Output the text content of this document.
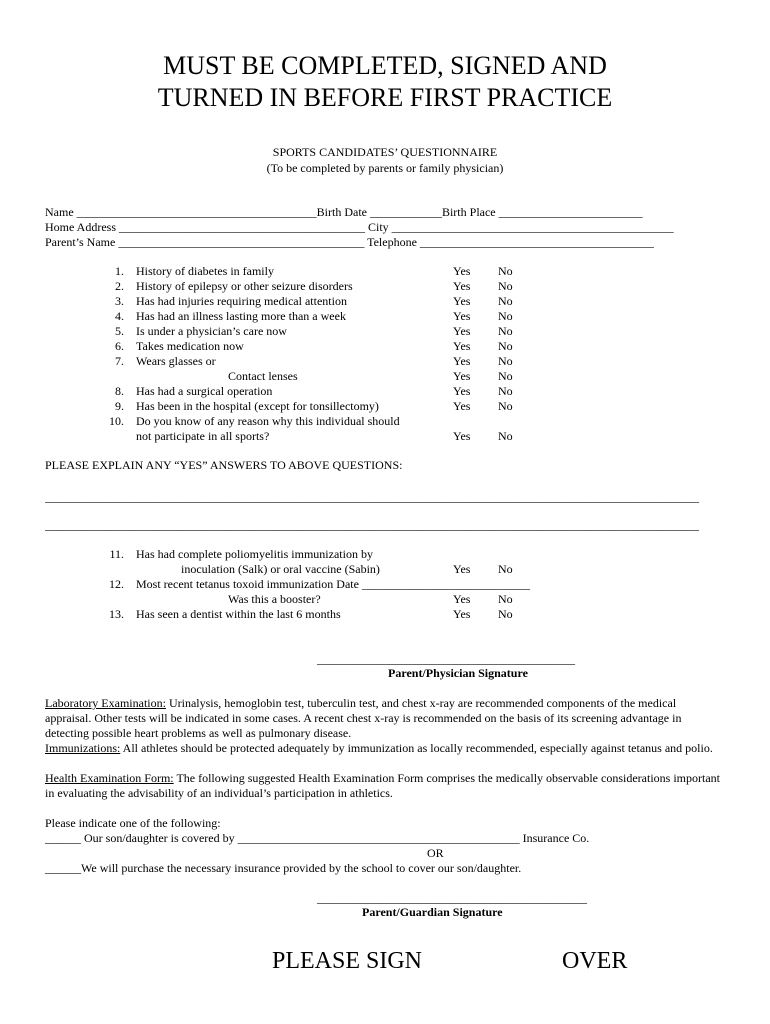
MUST BE COMPLETED, SIGNED AND
TURNED IN BEFORE FIRST PRACTICE
SPORTS CANDIDATES’ QUESTIONNAIRE
(To be completed by parents or family physician)
Name ________________________________________Birth Date ____________Birth Place ________________________
Home Address _________________________________________ City _______________________________________________
Parent’s Name _________________________________________ Telephone _______________________________________
1. History of diabetes in family	Yes No
2. History of epilepsy or other seizure disorders	Yes No
3. Has had injuries requiring medical attention	Yes No
4. Has had an illness lasting more than a week	Yes No
5. Is under a physician’s care now	Yes No
6. Takes medication now	Yes No
7. Wears glasses or	Yes No
Contact lenses	Yes No
8. Has had a surgical operation	Yes No
9. Has been in the hospital (except for tonsillectomy)	Yes No
10. Do you know of any reason why this individual should
not participate in all sports?	Yes No
PLEASE EXPLAIN ANY “YES” ANSWERS TO ABOVE QUESTIONS:
_____________________________________________________________________________________________________________
_____________________________________________________________________________________________________________
11. Has had complete poliomyelitis immunization by
inoculation (Salk) or oral vaccine (Sabin)	Yes No
12. Most recent tetanus toxoid immunization Date ____________________________
Was this a booster?	Yes No
13. Has seen a dentist within the last 6 months	Yes No
___________________________________________
Parent/Physician Signature
Laboratory Examination: Urinalysis, hemoglobin test, tuberculin test, and chest x-ray are recommended components of the medical appraisal. Other tests will be indicated in some cases. A recent chest x-ray is recommended on the basis of its screening advantage in detecting possible heart problems as well as pulmonary disease.
Immunizations: All athletes should be protected adequately by immunization as locally recommended, especially against tetanus and polio.
Health Examination Form: The following suggested Health Examination Form comprises the medically observable considerations important in evaluating the advisability of an individual’s participation in athletics.
Please indicate one of the following:
______ Our son/daughter is covered by _______________________________________________ Insurance Co.
OR
______We will purchase the necessary insurance provided by the school to cover our son/daughter.
_____________________________________________
Parent/Guardian Signature
PLEASE SIGN	OVER
